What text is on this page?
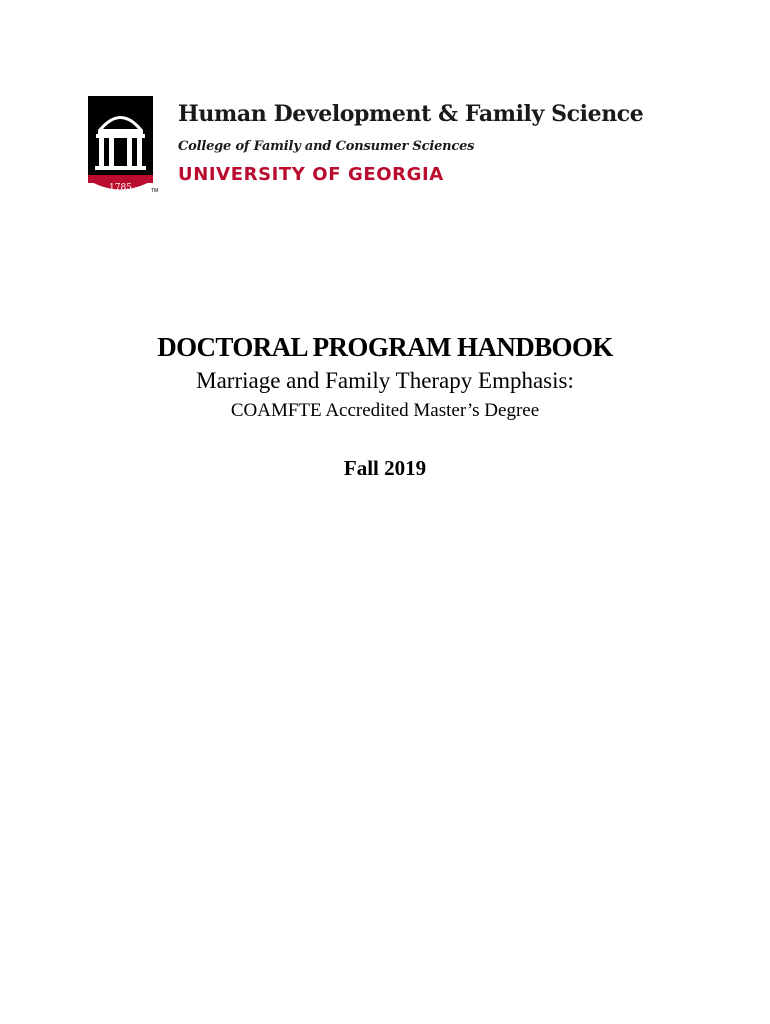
1785	TM
Human Development & Family Science
College of Family and Consumer Sciences
UNIVERSITY OF GEORGIA
DOCTORAL PROGRAM HANDBOOK

Marriage and Family Therapy Emphasis:

COAMFTE Accredited Master’s Degree

Fall 2019
